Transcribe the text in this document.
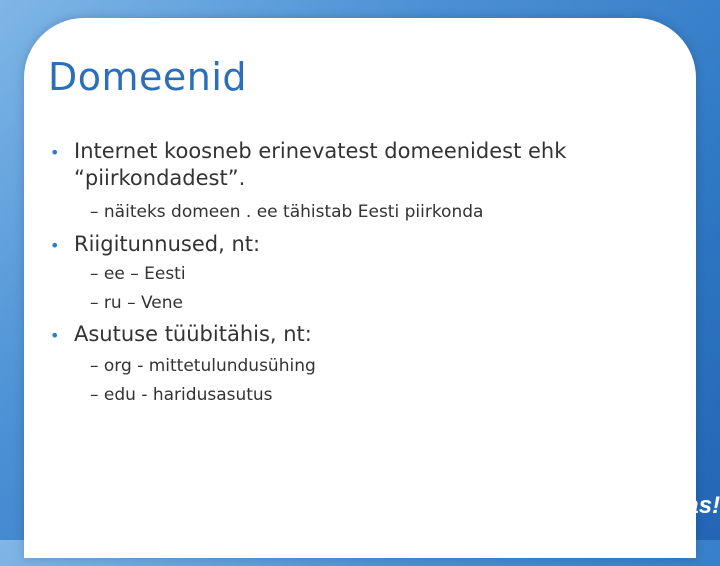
Domeenid
• Internet koosneb erinevatest domeenidest ehk
“piirkondadest”.
– näiteks domeen . ee tähistab Eesti piirkonda
• Riigitunnused, nt:
– ee – Eesti
– ru – Vene
• Asutuse tüübitähis, nt:
– org - mittetulundusühing
– edu - haridusasutus
OLe
Kaasas!
